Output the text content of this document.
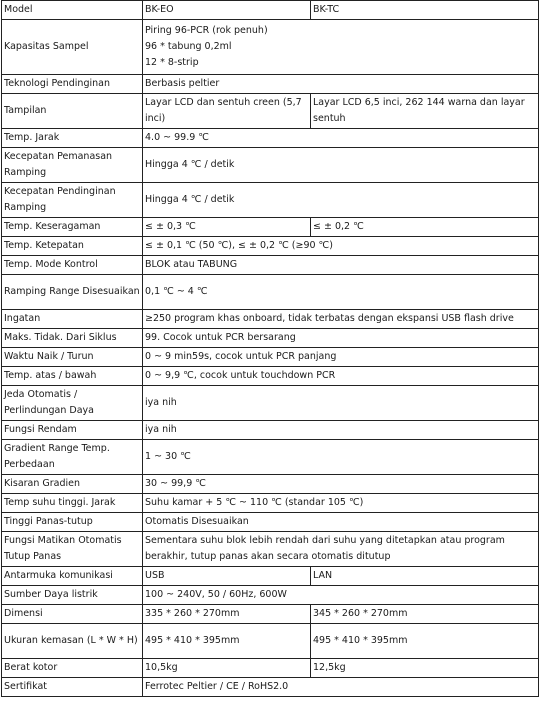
Model	BK-EO	BK-TC
Kapasitas Sampel	Piring 96-PCR (rok penuh)
96 * tabung 0,2ml
12 * 8-strip	

Teknologi Pendinginan	Berbasis peltier	
Tampilan	Layar LCD dan sentuh creen (5,7 inci)	Layar LCD 6,5 inci, 262 144 warna dan layar sentuh
Temp. Jarak	4.0 ~ 99.9 ℃	
Kecepatan Pemanasan Ramping	Hingga 4 ℃ / detik	
Kecepatan Pendinginan Ramping	Hingga 4 ℃ / detik	
Temp. Keseragaman	≤ ± 0,3 ℃	≤ ± 0,2 ℃
Temp. Ketepatan	≤ ± 0,1 ℃ (50 ℃), ≤ ± 0,2 ℃ (≥90 ℃)	
Temp. Mode Kontrol	BLOK atau TABUNG	
Ramping Range Disesuaikan	0,1 ℃ ~ 4 ℃	
Ingatan	≥250 program khas onboard, tidak terbatas dengan ekspansi USB flash drive	
Maks. Tidak. Dari Siklus	99. Cocok untuk PCR bersarang	
Waktu Naik / Turun	0 ~ 9 min59s, cocok untuk PCR panjang	
Temp. atas / bawah	0 ~ 9,9 ℃, cocok untuk touchdown PCR	
Jeda Otomatis / Perlindungan Daya	iya nih	
Fungsi Rendam	iya nih	
Gradient Range Temp. Perbedaan	1 ~ 30 ℃	
Kisaran Gradien	30 ~ 99,9 ℃	
Temp suhu tinggi. Jarak	Suhu kamar + 5 ℃ ~ 110 ℃ (standar 105 ℃)	
Tinggi Panas-tutup	Otomatis Disesuaikan	
Fungsi Matikan Otomatis Tutup Panas	Sementara suhu blok lebih rendah dari suhu yang ditetapkan atau program berakhir, tutup panas akan secara otomatis ditutup	
Antarmuka komunikasi	USB	LAN
Sumber Daya listrik	100 ~ 240V, 50 / 60Hz, 600W	
Dimensi	335 * 260 * 270mm	345 * 260 * 270mm
Ukuran kemasan (L * W * H)	495 * 410 * 395mm	495 * 410 * 395mm
Berat kotor	10,5kg	12,5kg
Sertifikat	Ferrotec Peltier / CE / RoHS2.0	
